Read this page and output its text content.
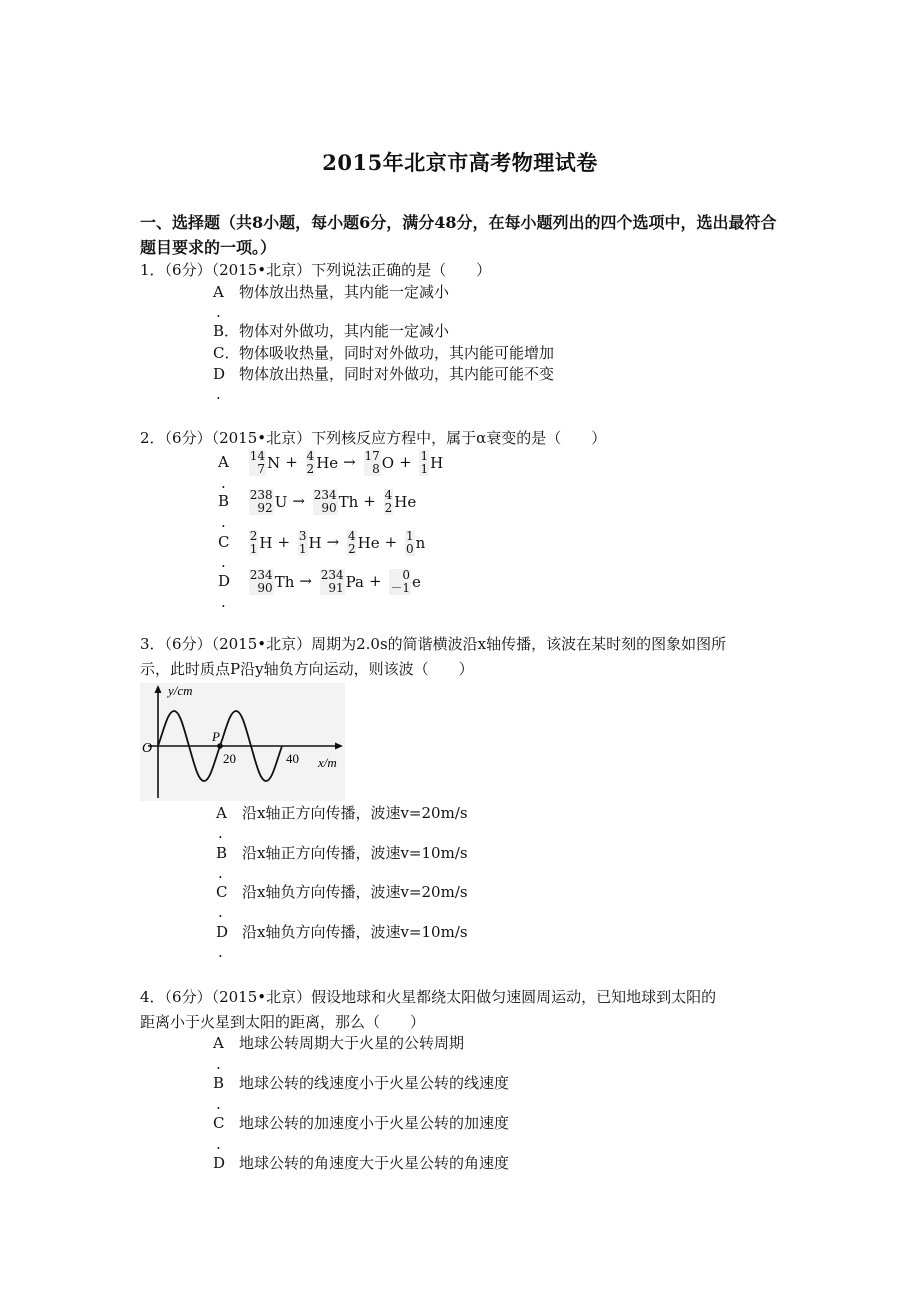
2015年北京市高考物理试卷
一、选择题（共8小题，每小题6分，满分48分，在每小题列出的四个选项中，选出最符合题目要求的一项。）
1．（6分）（2015•北京）下列说法正确的是（　　）
A 物体放出热量，其内能一定减小
.
B．物体对外做功，其内能一定减小
C．物体吸收热量，同时对外做功，其内能可能增加
D 物体放出热量，同时对外做功，其内能可能不变
.
2．（6分）（2015•北京）下列核反应方程中，属于α衰变的是（　　）
A 14
7 N + 4
2 He → 17
8 O + 1
1 H
.
B 238
92 U → 234
90 Th + 4
2 He
.
C 2
1 H + 3
1 H → 4
2 He + 1
0 n
.
D 234
90 Th → 234
91 Pa + 0
－1 e
.
3．（6分）（2015•北京）周期为2.0s的简谐横波沿x轴传播，该波在某时刻的图象如图所
示，此时质点P沿y轴负方向运动，则该波（　　）
y/cm
O
P
20	40 x/m
A 沿x轴正方向传播，波速v=20m/s
.
B 沿x轴正方向传播，波速v=10m/s
.
C 沿x轴负方向传播，波速v=20m/s
.
D 沿x轴负方向传播，波速v=10m/s
.
4．（6分）（2015•北京）假设地球和火星都绕太阳做匀速圆周运动，已知地球到太阳的
距离小于火星到太阳的距离，那么（　　）
A 地球公转周期大于火星的公转周期
.
B 地球公转的线速度小于火星公转的线速度
.
C 地球公转的加速度小于火星公转的加速度
.
D 地球公转的角速度大于火星公转的角速度
